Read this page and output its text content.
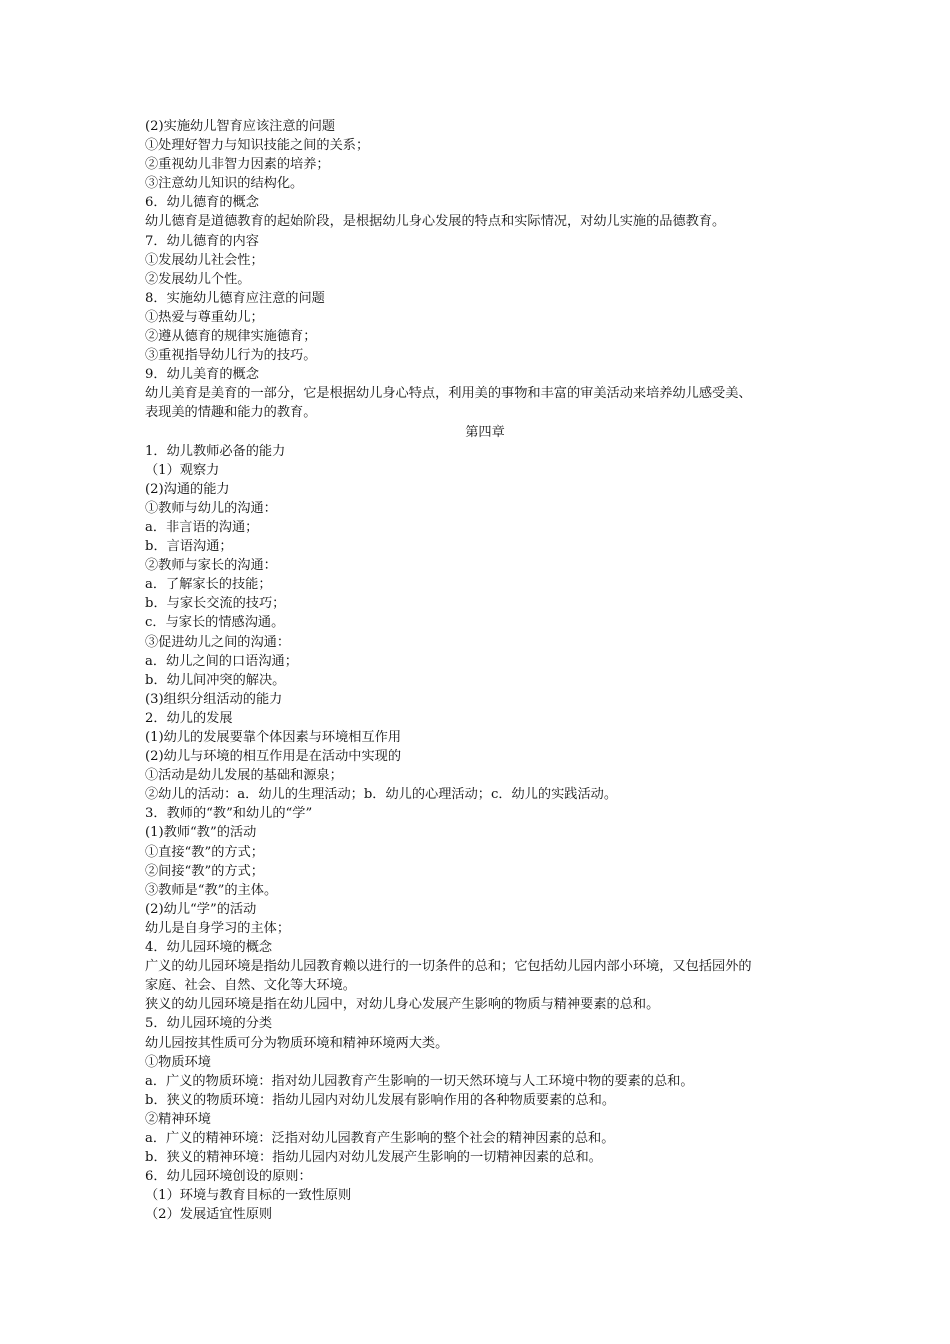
(2)实施幼儿智育应该注意的问题

①处理好智力与知识技能之间的关系；

②重视幼儿非智力因素的培养；

③注意幼儿知识的结构化。

6．幼儿德育的概念

幼儿德育是道德教育的起始阶段，是根据幼儿身心发展的特点和实际情况，对幼儿实施的品德教育。

7．幼儿德育的内容

①发展幼儿社会性；

②发展幼儿个性。

8．实施幼儿德育应注意的问题

①热爱与尊重幼儿；

②遵从德育的规律实施德育；

③重视指导幼儿行为的技巧。

9．幼儿美育的概念

幼儿美育是美育的一部分，它是根据幼儿身心特点，利用美的事物和丰富的审美活动来培养幼儿感受美、

表现美的情趣和能力的教育。

第四章

1．幼儿教师必备的能力

（1）观察力

(2)沟通的能力

①教师与幼儿的沟通：

a．非言语的沟通；

b．言语沟通；

②教师与家长的沟通：

a．了解家长的技能；

b．与家长交流的技巧；

c．与家长的情感沟通。

③促进幼儿之间的沟通：

a．幼儿之间的口语沟通；

b．幼儿间冲突的解决。

(3)组织分组活动的能力

2．幼儿的发展

(1)幼儿的发展要靠个体因素与环境相互作用

(2)幼儿与环境的相互作用是在活动中实现的

①活动是幼儿发展的基础和源泉；

②幼儿的活动：a．幼儿的生理活动；b．幼儿的心理活动；c．幼儿的实践活动。

3．教师的“教”和幼儿的“学”

(1)教师“教”的活动

①直接“教”的方式；

②间接“教”的方式；

③教师是“教”的主体。

(2)幼儿“学”的活动

幼儿是自身学习的主体；

4．幼儿园环境的概念

广义的幼儿园环境是指幼儿园教育赖以进行的一切条件的总和；它包括幼儿园内部小环境，又包括园外的

家庭、社会、自然、文化等大环境。

狭义的幼儿园环境是指在幼儿园中，对幼儿身心发展产生影响的物质与精神要素的总和。

5．幼儿园环境的分类

幼儿园按其性质可分为物质环境和精神环境两大类。

①物质环境

a．广义的物质环境：指对幼儿园教育产生影响的一切天然环境与人工环境中物的要素的总和。

b．狭义的物质环境：指幼儿园内对幼儿发展有影响作用的各种物质要素的总和。

②精神环境

a．广义的精神环境：泛指对幼儿园教育产生影响的整个社会的精神因素的总和。

b．狭义的精神环境：指幼儿园内对幼儿发展产生影响的一切精神因素的总和。

6．幼儿园环境创设的原则：

（1）环境与教育目标的一致性原则

（2）发展适宜性原则
